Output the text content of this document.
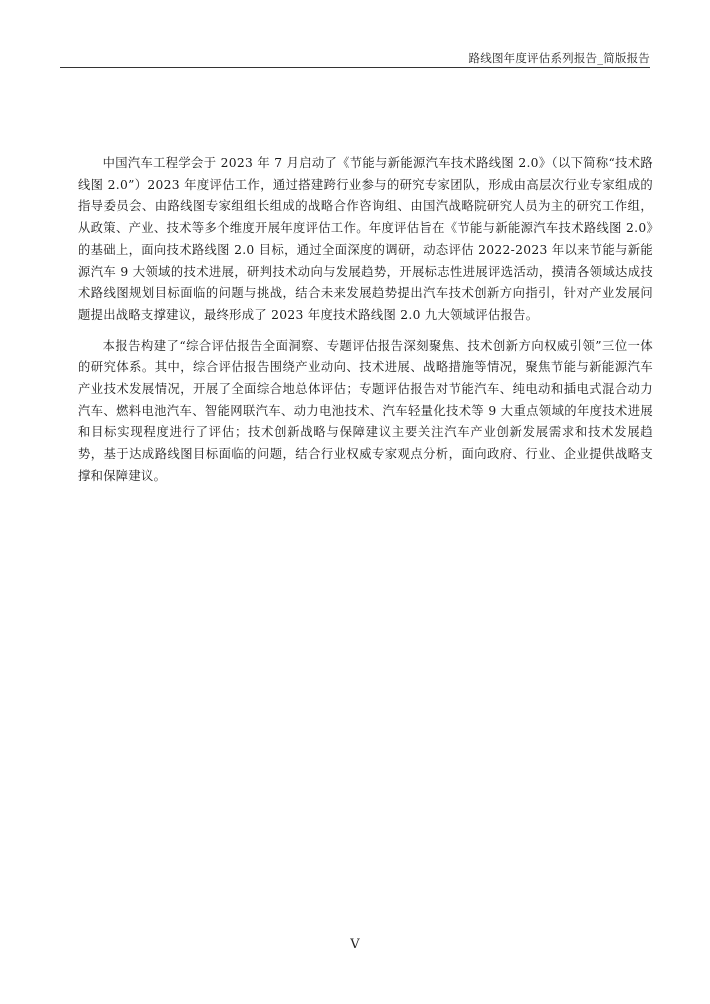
路线图年度评估系列报告_简版报告

中国汽车工程学会于 2023 年 7 月启动了《节能与新能源汽车技术路线图 2.0》（以下简称“技术路线图 2.0”）2023 年度评估工作，通过搭建跨行业参与的研究专家团队，形成由高层次行业专家组成的指导委员会、由路线图专家组组长组成的战略合作咨询组、由国汽战略院研究人员为主的研究工作组，从政策、产业、技术等多个维度开展年度评估工作。年度评估旨在《节能与新能源汽车技术路线图 2.0》的基础上，面向技术路线图 2.0 目标，通过全面深度的调研，动态评估 2022-2023 年以来节能与新能源汽车 9 大领域的技术进展，研判技术动向与发展趋势，开展标志性进展评选活动，摸清各领域达成技术路线图规划目标面临的问题与挑战，结合未来发展趋势提出汽车技术创新方向指引，针对产业发展问题提出战略支撑建议，最终形成了 2023 年度技术路线图 2.0 九大领域评估报告。

本报告构建了“综合评估报告全面洞察、专题评估报告深刻聚焦、技术创新方向权威引领”三位一体的研究体系。其中，综合评估报告围绕产业动向、技术进展、战略措施等情况，聚焦节能与新能源汽车产业技术发展情况，开展了全面综合地总体评估；专题评估报告对节能汽车、纯电动和插电式混合动力汽车、燃料电池汽车、智能网联汽车、动力电池技术、汽车轻量化技术等 9 大重点领域的年度技术进展和目标实现程度进行了评估；技术创新战略与保障建议主要关注汽车产业创新发展需求和技术发展趋势，基于达成路线图目标面临的问题，结合行业权威专家观点分析，面向政府、行业、企业提供战略支撑和保障建议。

V
